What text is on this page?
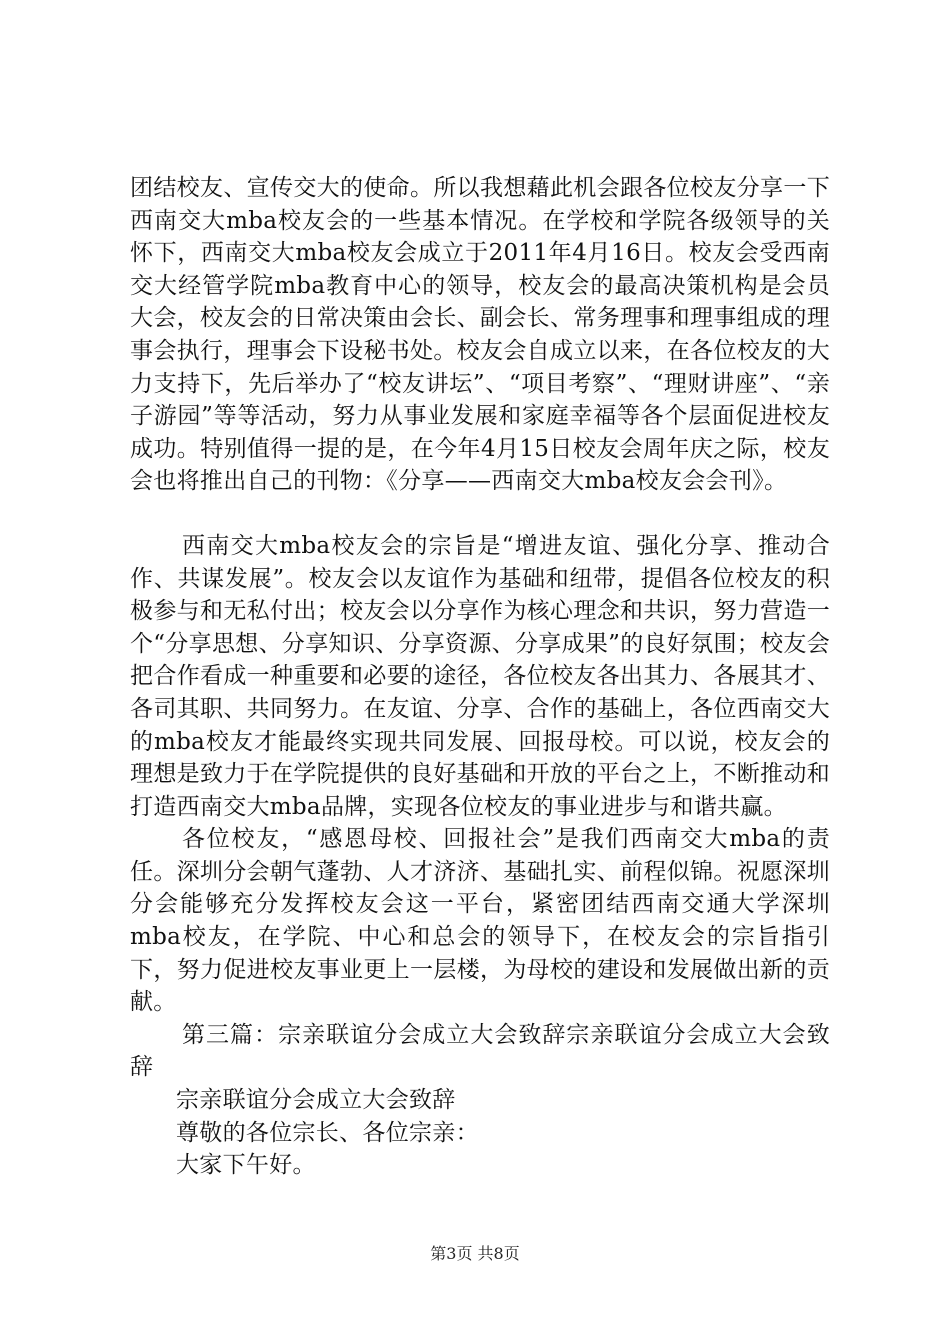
团结校友、宣传交大的使命。所以我想藉此机会跟各位校友分享一下西南交大mba校友会的一些基本情况。在学校和学院各级领导的关怀下，西南交大mba校友会成立于2011年4月16日。校友会受西南交大经管学院mba教育中心的领导，校友会的最高决策机构是会员大会，校友会的日常决策由会长、副会长、常务理事和理事组成的理事会执行，理事会下设秘书处。校友会自成立以来，在各位校友的大力支持下，先后举办了“校友讲坛”、“项目考察”、“理财讲座”、“亲子游园”等等活动，努力从事业发展和家庭幸福等各个层面促进校友成功。特别值得一提的是，在今年4月15日校友会周年庆之际，校友会也将推出自己的刊物：《分享——西南交大mba校友会会刊》。

西南交大mba校友会的宗旨是“增进友谊、强化分享、推动合作、共谋发展”。校友会以友谊作为基础和纽带，提倡各位校友的积极参与和无私付出；校友会以分享作为核心理念和共识，努力营造一个“分享思想、分享知识、分享资源、分享成果”的良好氛围；校友会把合作看成一种重要和必要的途径，各位校友各出其力、各展其才、各司其职、共同努力。在友谊、分享、合作的基础上，各位西南交大的mba校友才能最终实现共同发展、回报母校。可以说，校友会的理想是致力于在学院提供的良好基础和开放的平台之上，不断推动和打造西南交大mba品牌，实现各位校友的事业进步与和谐共赢。

各位校友，“感恩母校、回报社会”是我们西南交大mba的责任。深圳分会朝气蓬勃、人才济济、基础扎实、前程似锦。祝愿深圳分会能够充分发挥校友会这一平台，紧密团结西南交通大学深圳mba校友，在学院、中心和总会的领导下，在校友会的宗旨指引下，努力促进校友事业更上一层楼，为母校的建设和发展做出新的贡献。

第三篇：宗亲联谊分会成立大会致辞宗亲联谊分会成立大会致辞

宗亲联谊分会成立大会致辞

尊敬的各位宗长、各位宗亲：

大家下午好。

第3页 共8页
